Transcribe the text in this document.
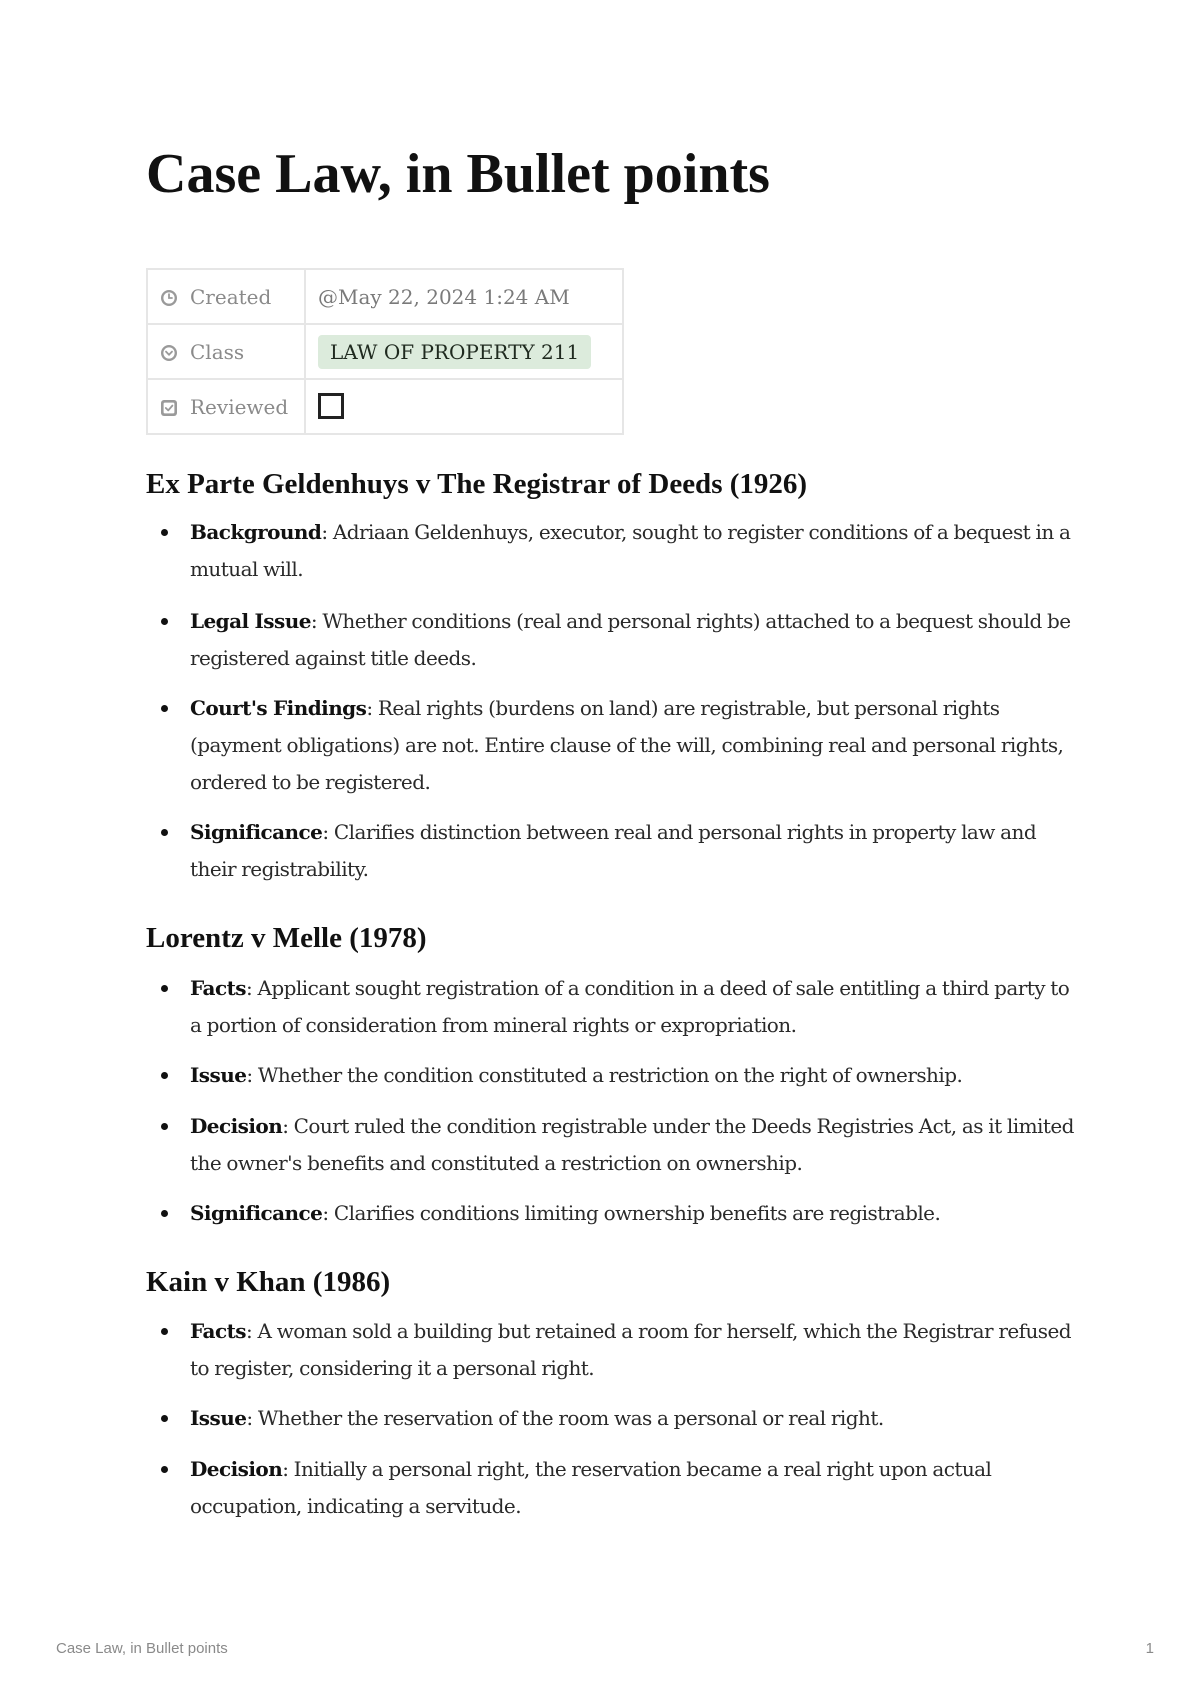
Case Law, in Bullet points
Created	@May 22, 2024 1:24 AM
Class	LAW OF PROPERTY 211
Reviewed	
Ex Parte Geldenhuys v The Registrar of Deeds (1926)
Background: Adriaan Geldenhuys, executor, sought to register conditions of a bequest in a mutual will.
Legal Issue: Whether conditions (real and personal rights) attached to a bequest should be registered against title deeds.
Court's Findings: Real rights (burdens on land) are registrable, but personal rights (payment obligations) are not. Entire clause of the will, combining real and personal rights, ordered to be registered.
Significance: Clarifies distinction between real and personal rights in property law and their registrability.
Lorentz v Melle (1978)
Facts: Applicant sought registration of a condition in a deed of sale entitling a third party to a portion of consideration from mineral rights or expropriation.
Issue: Whether the condition constituted a restriction on the right of ownership.
Decision: Court ruled the condition registrable under the Deeds Registries Act, as it limited the owner's benefits and constituted a restriction on ownership.
Significance: Clarifies conditions limiting ownership benefits are registrable.
Kain v Khan (1986)
Facts: A woman sold a building but retained a room for herself, which the Registrar refused to register, considering it a personal right.
Issue: Whether the reservation of the room was a personal or real right.
Decision: Initially a personal right, the reservation became a real right upon actual occupation, indicating a servitude.
Case Law, in Bullet points	1
